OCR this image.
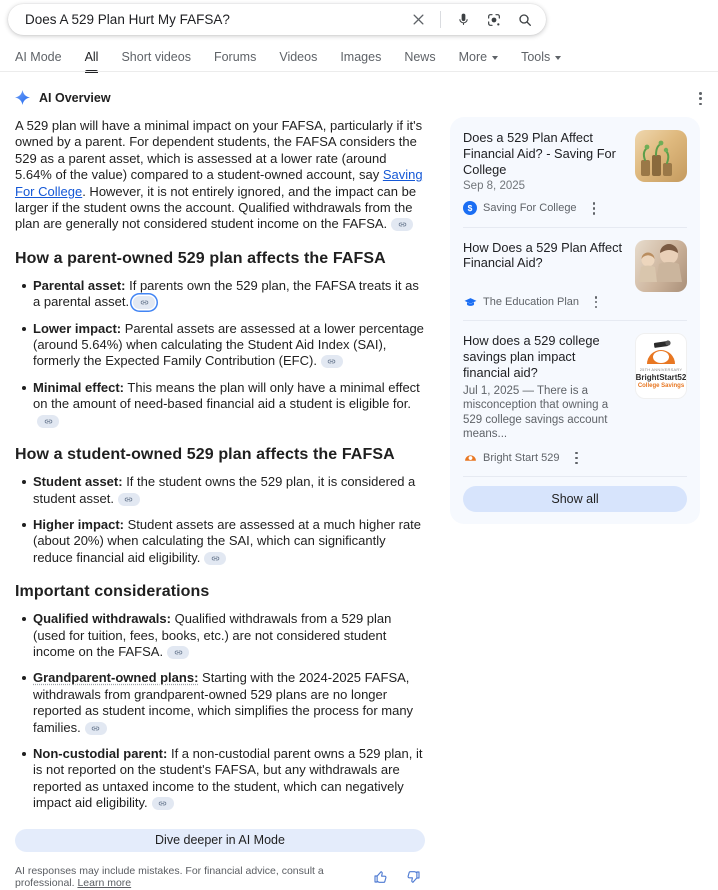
Does A 529 Plan Hurt My FAFSA?
AI Mode All Short videos Forums Videos Images News More	Tools
AI Overview

A 529 plan will have a minimal impact on your FAFSA, particularly if it's owned by a parent. For dependent students, the FAFSA considers the 529 as a parent asset, which is assessed at a lower rate (around 5.64% of the value) compared to a student-owned account, say Saving For College. However, it is not entirely ignored, and the impact can be larger if the student owns the account. Qualified withdrawals from the plan are generally not considered student income on the FAFSA.

How a parent-owned 529 plan affects the FAFSA
Parental asset: If parents own the 529 plan, the FAFSA treats it as a parental asset.
Lower impact: Parental assets are assessed at a lower percentage (around 5.64%) when calculating the Student Aid Index (SAI), formerly the Expected Family Contribution (EFC).
Minimal effect: This means the plan will only have a minimal effect on the amount of need-based financial aid a student is eligible for.
How a student-owned 529 plan affects the FAFSA
Student asset: If the student owns the 529 plan, it is considered a student asset.
Higher impact: Student assets are assessed at a much higher rate (about 20%) when calculating the SAI, which can significantly reduce financial aid eligibility.
Important considerations
Qualified withdrawals: Qualified withdrawals from a 529 plan (used for tuition, fees, books, etc.) are not considered student income on the FAFSA.
Grandparent-owned plans: Starting with the 2024-2025 FAFSA, withdrawals from grandparent-owned 529 plans are no longer reported as student income, which simplifies the process for many families.
Non-custodial parent: If a non-custodial parent owns a 529 plan, it is not reported on the student's FAFSA, but any withdrawals are reported as untaxed income to the student, which can negatively impact aid eligibility.
Dive deeper in AI Mode
AI responses may include mistakes. For financial advice, consult a professional. Learn more
Does a 529 Plan Affect Financial Aid? - Saving For College
Sep 8, 2025
$ Saving For College
How Does a 529 Plan Affect Financial Aid?
The Education Plan
How does a 529 college savings plan impact financial aid?
Jul 1, 2025 — There is a misconception that owning a 529 college savings account means...
Bright Start 529
25TH ANNIVERSARY
BrightStart52
College Savings
Show all
